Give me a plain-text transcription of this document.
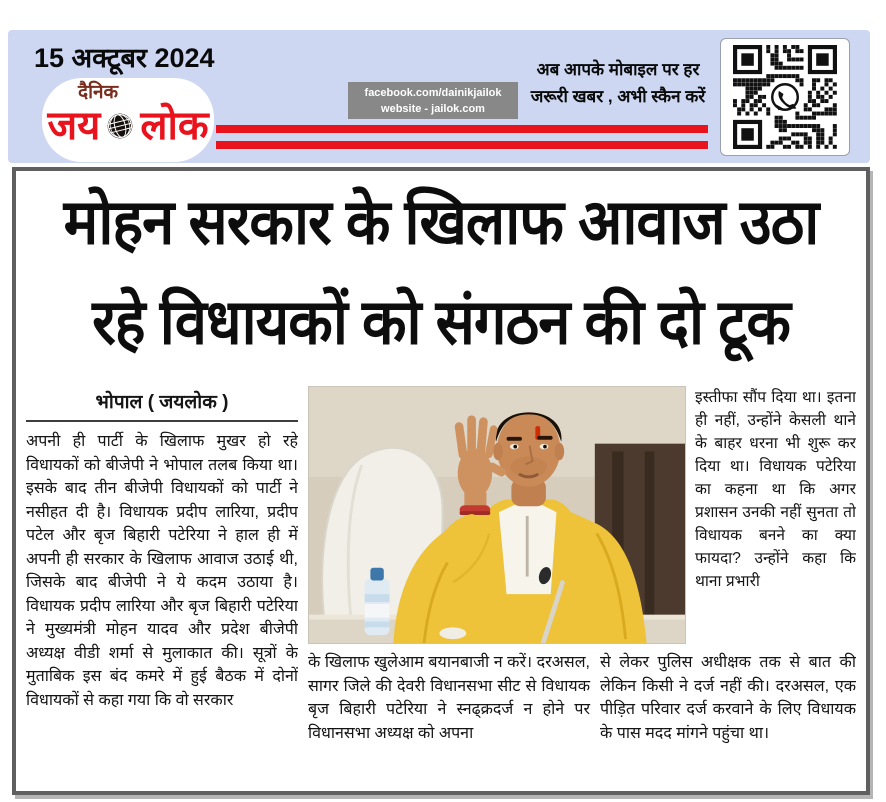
15 अक्टूबर 2024
दैनिक
जय लोक
facebook.com/dainikjailok
website - jailok.com
अब आपके मोबाइल पर हर
जरूरी खबर , अभी स्कैन करें
मोहन सरकार के खिलाफ आवाज उठा
रहे विधायकों को संगठन की दो टूक
भोपाल ( जयलोक )

अपनी ही पार्टी के खिलाफ मुखर हो रहे विधायकों को बीजेपी ने भोपाल तलब किया था। इसके बाद तीन बीजेपी विधायकों को पार्टी ने नसीहत दी है। विधायक प्रदीप लारिया, प्रदीप पटेल और बृज बिहारी पटेरिया ने हाल ही में अपनी ही सरकार के खिलाफ आवाज उठाई थी, जिसके बाद बीजेपी ने ये कदम उठाया है। विधायक प्रदीप लारिया और बृज बिहारी पटेरिया ने मुख्यमंत्री मोहन यादव और प्रदेश बीजेपी अध्यक्ष वीडी शर्मा से मुलाकात की। सूत्रों के मुताबिक इस बंद कमरे में हुई बैठक में दोनों विधायकों से कहा गया कि वो सरकार

इस्तीफा सौंप दिया था। इतना ही नहीं, उन्होंने केसली थाने के बाहर धरना भी शुरू कर दिया था। विधायक पटेरिया का कहना था कि अगर प्रशासन उनकी नहीं सुनता तो विधायक बनने का क्या फायदा? उन्होंने कहा कि थाना प्रभारी

के खिलाफ खुलेआम बयानबाजी न करें। दरअसल, सागर जिले की देवरी विधानसभा सीट से विधायक बृज बिहारी पटेरिया ने स्नढ्क्रदर्ज न होने पर विधानसभा अध्यक्ष को अपना

से लेकर पुलिस अधीक्षक तक से बात की लेकिन किसी ने दर्ज नहीं की। दरअसल, एक पीड़ित परिवार दर्ज करवाने के लिए विधायक के पास मदद मांगने पहुंचा था।
